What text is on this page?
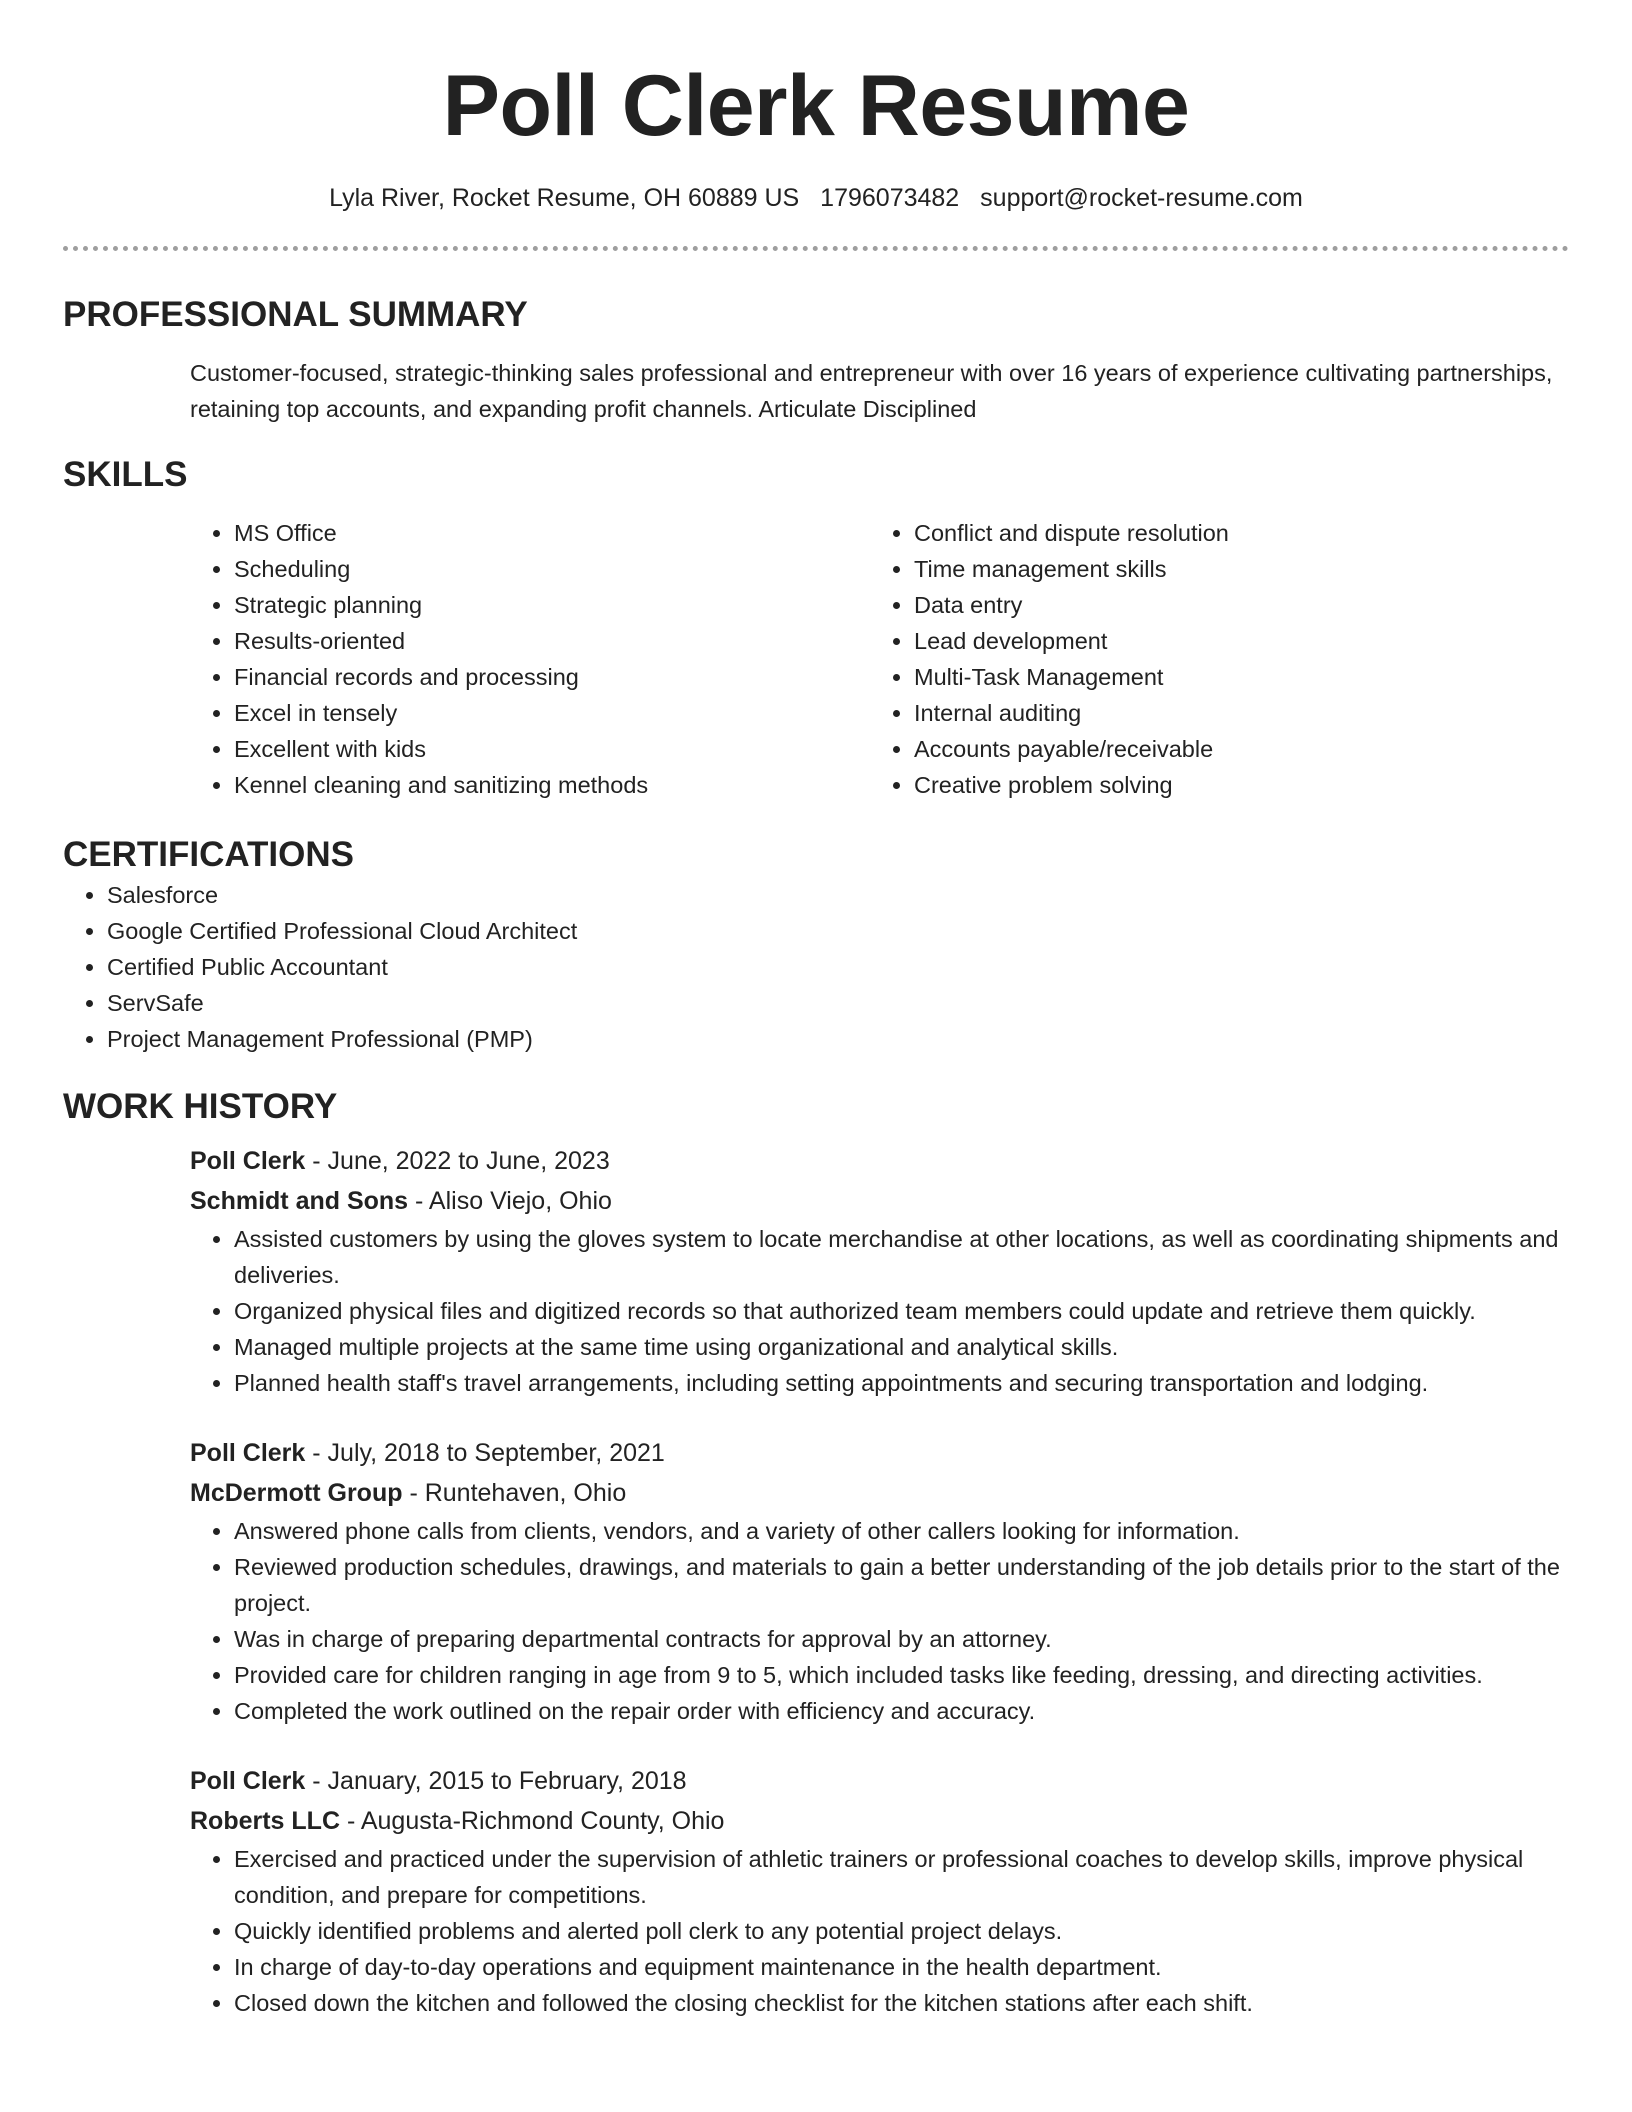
Poll Clerk Resume
Lyla River, Rocket Resume, OH 60889 US 1796073482 support@rocket-resume.com
PROFESSIONAL SUMMARY

Customer-focused, strategic-thinking sales professional and entrepreneur with over 16 years of experience cultivating partnerships, retaining top accounts, and expanding profit channels. Articulate Disciplined

SKILLS
• MS Office
• Scheduling
• Strategic planning
• Results-oriented
• Financial records and processing
• Excel in tensely
• Excellent with kids
• Kennel cleaning and sanitizing methods
• Conflict and dispute resolution
• Time management skills
• Data entry
• Lead development
• Multi-Task Management
• Internal auditing
• Accounts payable/receivable
• Creative problem solving
CERTIFICATIONS
• Salesforce
• Google Certified Professional Cloud Architect
• Certified Public Accountant
• ServSafe
• Project Management Professional (PMP)
WORK HISTORY
Poll Clerk - June, 2022 to June, 2023
Schmidt and Sons - Aliso Viejo, Ohio
• Assisted customers by using the gloves system to locate merchandise at other locations, as well as coordinating shipments and deliveries.
• Organized physical files and digitized records so that authorized team members could update and retrieve them quickly.
• Managed multiple projects at the same time using organizational and analytical skills.
• Planned health staff's travel arrangements, including setting appointments and securing transportation and lodging.
Poll Clerk - July, 2018 to September, 2021
McDermott Group - Runtehaven, Ohio
• Answered phone calls from clients, vendors, and a variety of other callers looking for information.
• Reviewed production schedules, drawings, and materials to gain a better understanding of the job details prior to the start of the project.
• Was in charge of preparing departmental contracts for approval by an attorney.
• Provided care for children ranging in age from 9 to 5, which included tasks like feeding, dressing, and directing activities.
• Completed the work outlined on the repair order with efficiency and accuracy.
Poll Clerk - January, 2015 to February, 2018
Roberts LLC - Augusta-Richmond County, Ohio
• Exercised and practiced under the supervision of athletic trainers or professional coaches to develop skills, improve physical condition, and prepare for competitions.
• Quickly identified problems and alerted poll clerk to any potential project delays.
• In charge of day-to-day operations and equipment maintenance in the health department.
• Closed down the kitchen and followed the closing checklist for the kitchen stations after each shift.
